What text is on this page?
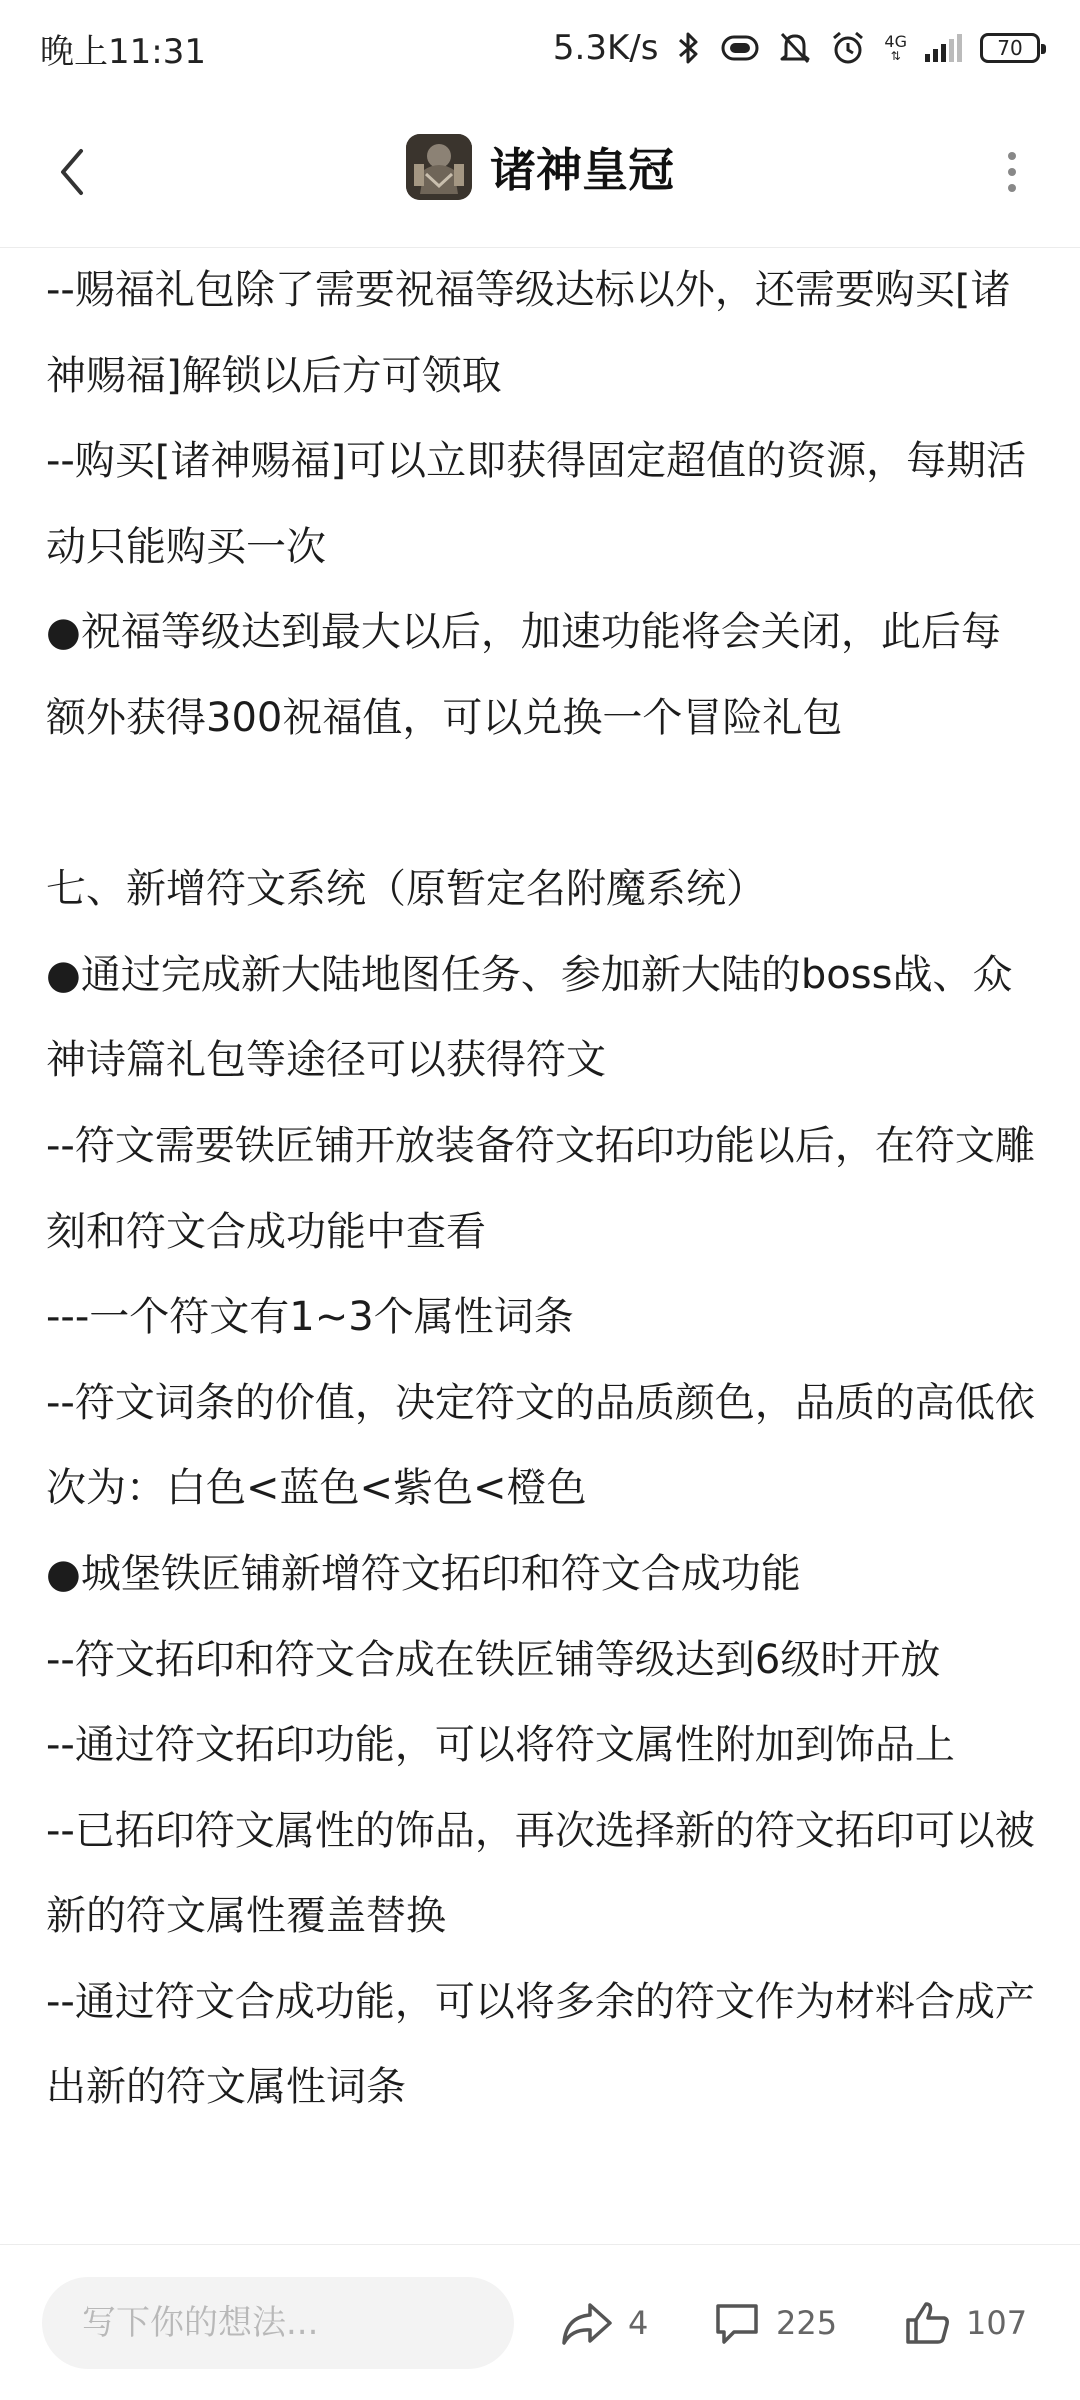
晚上11:31	5.3K/s	4G
⇅	70
诸神皇冠

--赐福礼包除了需要祝福等级达标以外，还需要购买[诸神赐福]解锁以后方可领取

--购买[诸神赐福]可以立即获得固定超值的资源，每期活动只能购买一次

●祝福等级达到最大以后，加速功能将会关闭，此后每额外获得300祝福值，可以兑换一个冒险礼包

七、新增符文系统（原暂定名附魔系统）

●通过完成新大陆地图任务、参加新大陆的boss战、众神诗篇礼包等途径可以获得符文

--符文需要铁匠铺开放装备符文拓印功能以后，在符文雕刻和符文合成功能中查看

---一个符文有1~3个属性词条

--符文词条的价值，决定符文的品质颜色，品质的高低依次为：白色<蓝色<紫色<橙色

●城堡铁匠铺新增符文拓印和符文合成功能

--符文拓印和符文合成在铁匠铺等级达到6级时开放

--通过符文拓印功能，可以将符文属性附加到饰品上

--已拓印符文属性的饰品，再次选择新的符文拓印可以被新的符文属性覆盖替换

--通过符文合成功能，可以将多余的符文作为材料合成产出新的符文属性词条

写下你的想法...
4	225	107
